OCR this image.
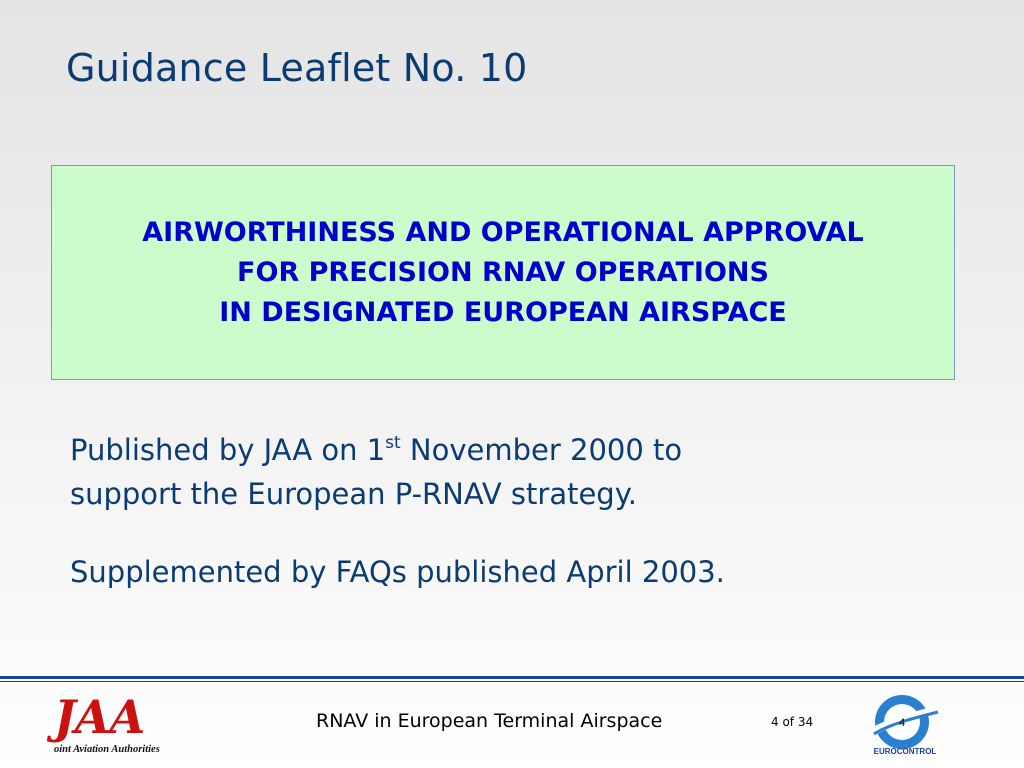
Guidance Leaflet No. 10
AIRWORTHINESS AND OPERATIONAL APPROVAL
FOR PRECISION RNAV OPERATIONS
IN DESIGNATED EUROPEAN AIRSPACE
Published by JAA on 1st November 2000 to
support the European P-RNAV strategy.
Supplemented by FAQs published April 2003.
JAA
oint Aviation Authorities
RNAV in European Terminal Airspace	4 of 34	4
EUROCONTROL
